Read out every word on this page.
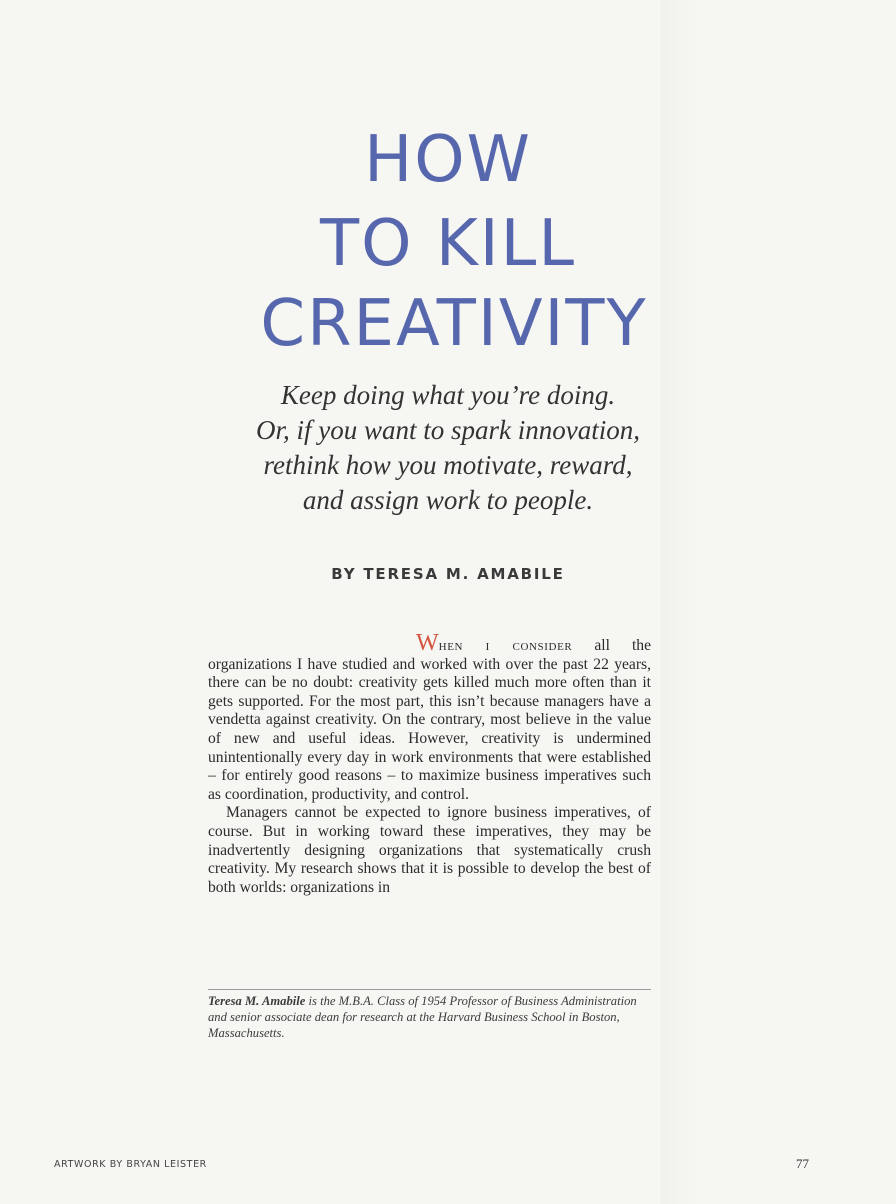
HOW
TO KILL
CREATIVITY
Keep doing what you’re doing.
Or, if you want to spark innovation,
rethink how you motivate, reward,
and assign work to people.
BY TERESA M. AMABILE

When i consider all the organizations I have studied and worked with over the past 22 years, there can be no doubt: creativity gets killed much more often than it gets supported. For the most part, this isn’t because managers have a vendetta against creativity. On the contrary, most believe in the value of new and useful ideas. However, creativity is undermined unintentionally every day in work environments that were established – for entirely good reasons – to maximize business imperatives such as coordination, productivity, and control.

Managers cannot be expected to ignore business imperatives, of course. But in working toward these imperatives, they may be inadvertently designing organizations that systematically crush creativity. My research shows that it is possible to develop the best of both worlds: organizations in

Teresa M. Amabile is the M.B.A. Class of 1954 Professor of Business Administration and senior associate dean for research at the Harvard Business School in Boston, Massachusetts.
ARTWORK BY BRYAN LEISTER	77
